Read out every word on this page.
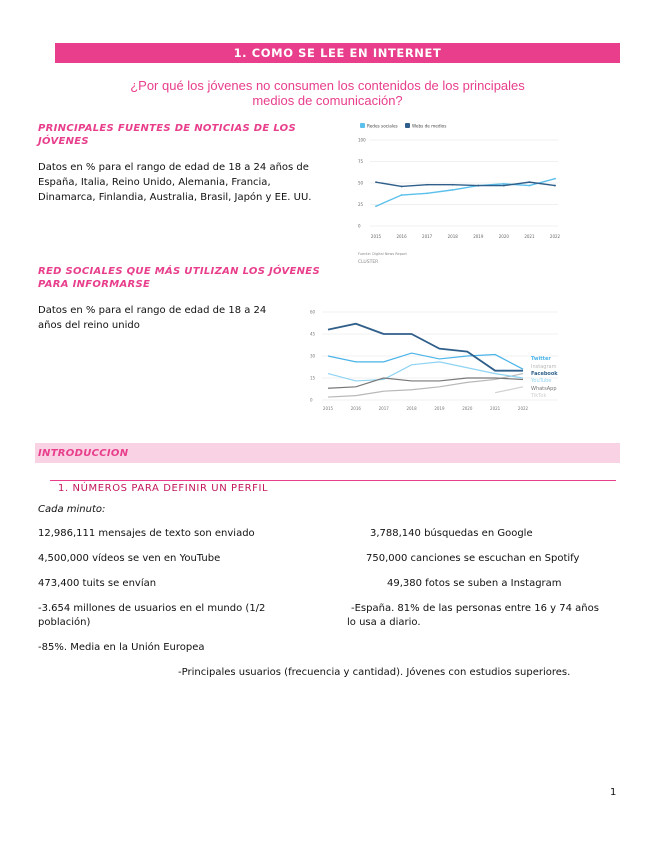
1. COMO SE LEE EN INTERNET
¿Por qué los jóvenes no consumen los contenidos de los principales
medios de comunicación?
PRINCIPALES FUENTES DE NOTICIAS DE LOS
JÓVENES
Datos en % para el rango de edad de 18 a 24 años de
España, Italia, Reino Unido, Alemania, Francia,
Dinamarca, Finlandia, Australia, Brasil, Japón y EE. UU.
Redes sociales	Webs de medios
2015	2016	2017	2018	2019	2020	2021	2022
0
25
50
75
100
Fuente: Digital News Report
CLUSTER
RED SOCIALES QUE MÁS UTILIZAN LOS JÓVENES
PARA INFORMARSE
Datos en % para el rango de edad de 18 a 24
años del reino unido
Twitter
Instagram
Facebook
YouTube
WhatsApp
TikTok
2015	2016	2017	2018	2019	2020	2021	2022
0
15
30
45
60
INTRODUCCION
1. NÚMEROS PARA DEFINIR UN PERFIL
Cada minuto:
12,986,111 mensajes de texto son enviado	3,788,140 búsquedas en Google
4,500,000 vídeos se ven en YouTube	750,000 canciones se escuchan en Spotify
473,400 tuits se envían	49,380 fotos se suben a Instagram
-3.654 millones de usuarios en el mundo (1/2
población)
-España. 81% de las personas entre 16 y 74 años
lo usa a diario.
-85%. Media en la Unión Europea
-Principales usuarios (frecuencia y cantidad). Jóvenes con estudios superiores.
1
